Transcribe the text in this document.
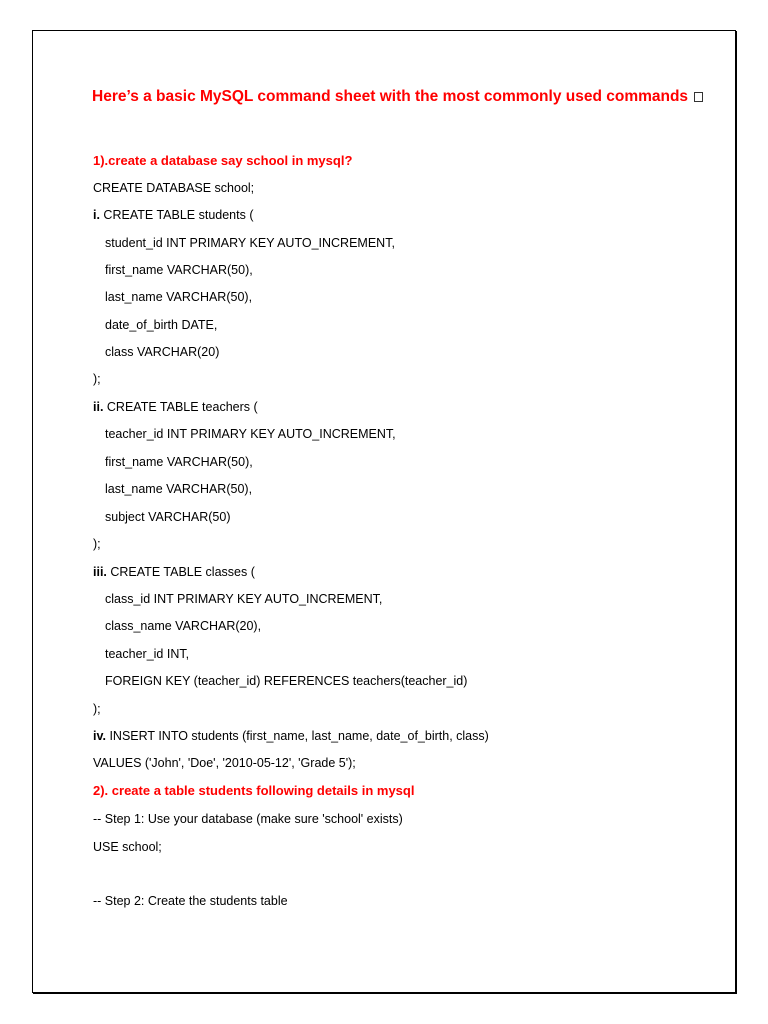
Here’s a basic MySQL command sheet with the most commonly used commands
1).create a database say school in mysql?
CREATE DATABASE school;
i. CREATE TABLE students (
student_id INT PRIMARY KEY AUTO_INCREMENT,
first_name VARCHAR(50),
last_name VARCHAR(50),
date_of_birth DATE,
class VARCHAR(20)
);
ii. CREATE TABLE teachers (
teacher_id INT PRIMARY KEY AUTO_INCREMENT,
first_name VARCHAR(50),
last_name VARCHAR(50),
subject VARCHAR(50)
);
iii. CREATE TABLE classes (
class_id INT PRIMARY KEY AUTO_INCREMENT,
class_name VARCHAR(20),
teacher_id INT,
FOREIGN KEY (teacher_id) REFERENCES teachers(teacher_id)
);
iv. INSERT INTO students (first_name, last_name, date_of_birth, class)
VALUES ('John', 'Doe', '2010-05-12', 'Grade 5');
2). create a table students following details in mysql
-- Step 1: Use your database (make sure 'school' exists)
USE school;
-- Step 2: Create the students table
